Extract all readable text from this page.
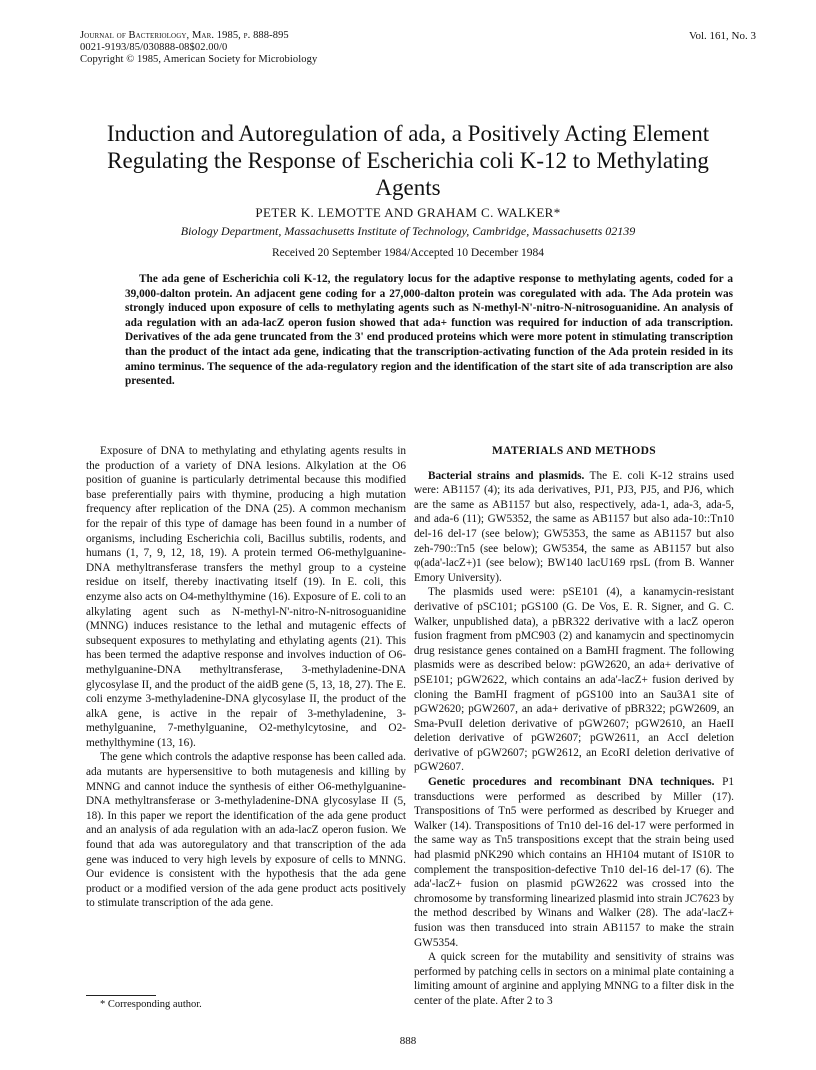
Journal of Bacteriology, Mar. 1985, p. 888-895
0021-9193/85/030888-08$02.00/0
Copyright © 1985, American Society for Microbiology
Vol. 161, No. 3
Induction and Autoregulation of ada, a Positively Acting Element Regulating the Response of Escherichia coli K-12 to Methylating Agents
PETER K. LEMOTTE AND GRAHAM C. WALKER*
Biology Department, Massachusetts Institute of Technology, Cambridge, Massachusetts 02139
Received 20 September 1984/Accepted 10 December 1984

The ada gene of Escherichia coli K-12, the regulatory locus for the adaptive response to methylating agents, coded for a 39,000-dalton protein. An adjacent gene coding for a 27,000-dalton protein was coregulated with ada. The Ada protein was strongly induced upon exposure of cells to methylating agents such as N-methyl-N'-nitro-N-nitrosoguanidine. An analysis of ada regulation with an ada-lacZ operon fusion showed that ada+ function was required for induction of ada transcription. Derivatives of the ada gene truncated from the 3' end produced proteins which were more potent in stimulating transcription than the product of the intact ada gene, indicating that the transcription-activating function of the Ada protein resided in its amino terminus. The sequence of the ada-regulatory region and the identification of the start site of ada transcription are also presented.

Exposure of DNA to methylating and ethylating agents results in the production of a variety of DNA lesions. Alkylation at the O6 position of guanine is particularly detrimental because this modified base preferentially pairs with thymine, producing a high mutation frequency after replication of the DNA (25). A common mechanism for the repair of this type of damage has been found in a number of organisms, including Escherichia coli, Bacillus subtilis, rodents, and humans (1, 7, 9, 12, 18, 19). A protein termed O6-methylguanine-DNA methyltransferase transfers the methyl group to a cysteine residue on itself, thereby inactivating itself (19). In E. coli, this enzyme also acts on O4-methylthymine (16). Exposure of E. coli to an alkylating agent such as N-methyl-N'-nitro-N-nitrosoguanidine (MNNG) induces resistance to the lethal and mutagenic effects of subsequent exposures to methylating and ethylating agents (21). This has been termed the adaptive response and involves induction of O6-methylguanine-DNA methyltransferase, 3-methyladenine-DNA glycosylase II, and the product of the aidB gene (5, 13, 18, 27). The E. coli enzyme 3-methyladenine-DNA glycosylase II, the product of the alkA gene, is active in the repair of 3-methyladenine, 3-methylguanine, 7-methylguanine, O2-methylcytosine, and O2-methylthymine (13, 16).

The gene which controls the adaptive response has been called ada. ada mutants are hypersensitive to both mutagenesis and killing by MNNG and cannot induce the synthesis of either O6-methylguanine-DNA methyltransferase or 3-methyladenine-DNA glycosylase II (5, 18). In this paper we report the identification of the ada gene product and an analysis of ada regulation with an ada-lacZ operon fusion. We found that ada was autoregulatory and that transcription of the ada gene was induced to very high levels by exposure of cells to MNNG. Our evidence is consistent with the hypothesis that the ada gene product or a modified version of the ada gene product acts positively to stimulate transcription of the ada gene.

MATERIALS AND METHODS

Bacterial strains and plasmids. The E. coli K-12 strains used were: AB1157 (4); its ada derivatives, PJ1, PJ3, PJ5, and PJ6, which are the same as AB1157 but also, respectively, ada-1, ada-3, ada-5, and ada-6 (11); GW5352, the same as AB1157 but also ada-10::Tn10 del-16 del-17 (see below); GW5353, the same as AB1157 but also zeh-790::Tn5 (see below); GW5354, the same as AB1157 but also φ(ada'-lacZ+)1 (see below); BW140 lacU169 rpsL (from B. Wanner Emory University).

The plasmids used were: pSE101 (4), a kanamycin-resistant derivative of pSC101; pGS100 (G. De Vos, E. R. Signer, and G. C. Walker, unpublished data), a pBR322 derivative with a lacZ operon fusion fragment from pMC903 (2) and kanamycin and spectinomycin drug resistance genes contained on a BamHI fragment. The following plasmids were as described below: pGW2620, an ada+ derivative of pSE101; pGW2622, which contains an ada'-lacZ+ fusion derived by cloning the BamHI fragment of pGS100 into an Sau3A1 site of pGW2620; pGW2607, an ada+ derivative of pBR322; pGW2609, an Sma-PvuII deletion derivative of pGW2607; pGW2610, an HaeII deletion derivative of pGW2607; pGW2611, an AccI deletion derivative of pGW2607; pGW2612, an EcoRI deletion derivative of pGW2607.

Genetic procedures and recombinant DNA techniques. P1 transductions were performed as described by Miller (17). Transpositions of Tn5 were performed as described by Krueger and Walker (14). Transpositions of Tn10 del-16 del-17 were performed in the same way as Tn5 transpositions except that the strain being used had plasmid pNK290 which contains an HH104 mutant of IS10R to complement the transposition-defective Tn10 del-16 del-17 (6). The ada'-lacZ+ fusion on plasmid pGW2622 was crossed into the chromosome by transforming linearized plasmid into strain JC7623 by the method described by Winans and Walker (28). The ada'-lacZ+ fusion was then transduced into strain AB1157 to make the strain GW5354.

A quick screen for the mutability and sensitivity of strains was performed by patching cells in sectors on a minimal plate containing a limiting amount of arginine and applying MNNG to a filter disk in the center of the plate. After 2 to 3

* Corresponding author.
888
